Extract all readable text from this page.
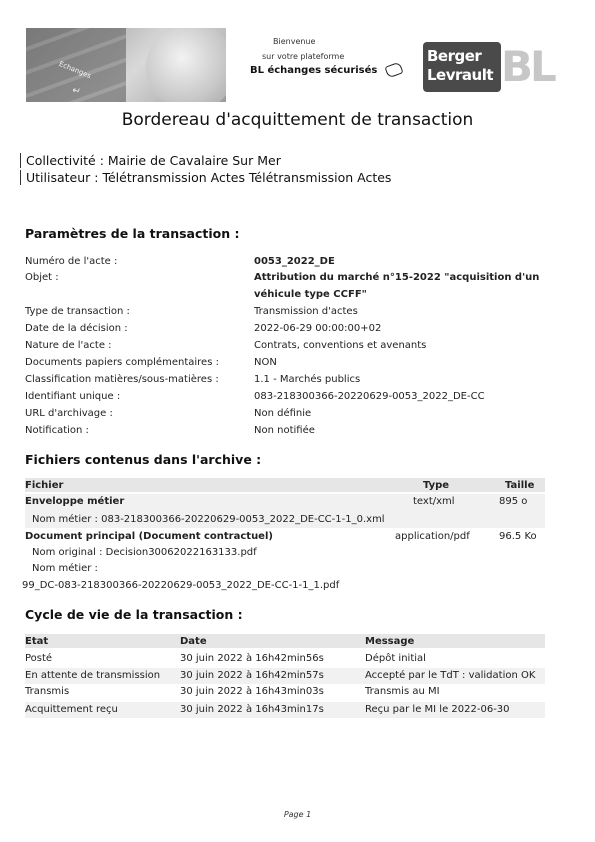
Echanges
↵
Bienvenue
sur votre plateforme
BL échanges sécurisés
Berger
Levrault BL
Bordereau d'acquittement de transaction
Collectivité : Mairie de Cavalaire Sur Mer
Utilisateur : Télétransmission Actes Télétransmission Actes
Paramètres de la transaction :
Numéro de l'acte :	0053_2022_DE
Objet :	Attribution du marché n°15-2022 "acquisition d'un
véhicule type CCFF"
Type de transaction :	Transmission d'actes
Date de la décision :	2022-06-29 00:00:00+02
Nature de l'acte :	Contrats, conventions et avenants
Documents papiers complémentaires :	NON
Classification matières/sous-matières :	1.1 - Marchés publics
Identifiant unique :	083-218300366-20220629-0053_2022_DE-CC
URL d'archivage :	Non définie
Notification :	Non notifiée
Fichiers contenus dans l'archive :
Fichier	Type	Taille
Enveloppe métier	text/xml	895 o
Nom métier : 083-218300366-20220629-0053_2022_DE-CC-1-1_0.xml
Document principal (Document contractuel)	application/pdf	96.5 Ko
Nom original : Decision30062022163133.pdf
Nom métier :
99_DC-083-218300366-20220629-0053_2022_DE-CC-1-1_1.pdf
Cycle de vie de la transaction :
Etat	Date	Message
Posté	30 juin 2022 à 16h42min56s	Dépôt initial
En attente de transmission 30 juin 2022 à 16h42min57s	Accepté par le TdT : validation OK
Transmis	30 juin 2022 à 16h43min03s	Transmis au MI
Acquittement reçu	30 juin 2022 à 16h43min17s	Reçu par le MI le 2022-06-30
Page 1
